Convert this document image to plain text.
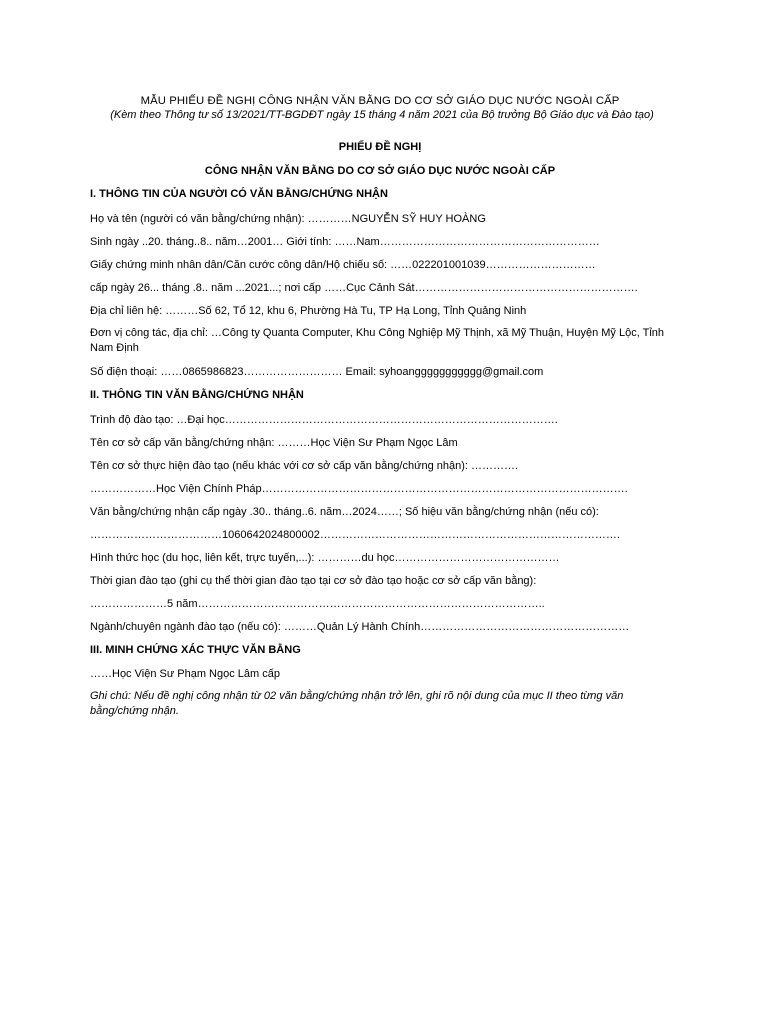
MẪU PHIẾU ĐỀ NGHỊ CÔNG NHẬN VĂN BẰNG DO CƠ SỞ GIÁO DỤC NƯỚC NGOÀI CẤP
(Kèm theo Thông tư số 13/2021/TT-BGDĐT ngày 15 tháng 4 năm 2021 của Bộ trưởng Bộ Giáo dục và Đào tạo)
PHIẾU ĐỀ NGHỊ
CÔNG NHẬN VĂN BẰNG DO CƠ SỞ GIÁO DỤC NƯỚC NGOÀI CẤP
I. THÔNG TIN CỦA NGƯỜI CÓ VĂN BẰNG/CHỨNG NHẬN
Họ và tên (người có văn bằng/chứng nhận): …………NGUYỄN SỸ HUY HOÀNG
Sinh ngày ..20. tháng..8.. năm…2001… Giới tính: ……Nam……………………………………………………
Giấy chứng minh nhân dân/Căn cước công dân/Hộ chiếu số: ……022201001039…………………………
cấp ngày 26... tháng .8.. năm ...2021...; nơi cấp ……Cục Cảnh Sát…………………………………………………….
Địa chỉ liên hệ: ………Số 62, Tổ 12, khu 6, Phường Hà Tu, TP Hạ Long, Tỉnh Quảng Ninh
Đơn vị công tác, địa chỉ: …Công ty Quanta Computer, Khu Công Nghiệp Mỹ Thịnh, xã Mỹ Thuận, Huyện Mỹ Lộc, Tỉnh Nam Định
Số điện thoại: ……0865986823……………………… Email: syhoanggggggggggg@gmail.com
II. THÔNG TIN VĂN BẰNG/CHỨNG NHẬN
Trình độ đào tạo: …Đại học……………………………………………………………………………….
Tên cơ sở cấp văn bằng/chứng nhận: ………Học Viện Sư Phạm Ngọc Lâm
Tên cơ sở thực hiện đào tạo (nếu khác với cơ sở cấp văn bằng/chứng nhận): ………….
………………Học Viện Chính Pháp……………………………………………………………………………………….
Văn bằng/chứng nhận cấp ngày .30.. tháng..6. năm…2024……; Số hiệu văn bằng/chứng nhận (nếu có):
………………………………1060642024800002……………………………………………………………………….
Hình thức học (du học, liên kết, trực tuyến,...): …………du học………………………………………
Thời gian đào tạo (ghi cụ thể thời gian đào tạo tại cơ sở đào tạo hoặc cơ sở cấp văn bằng):
…………………5 năm…………………………………………………………………………………..
Ngành/chuyên ngành đào tạo (nếu có): ………Quản Lý Hành Chính…………………………………………………
III. MINH CHỨNG XÁC THỰC VĂN BẰNG
……Học Viện Sư Phạm Ngọc Lâm cấp
Ghi chú: Nếu đề nghị công nhận từ 02 văn bằng/chứng nhận trở lên, ghi rõ nội dung của mục II theo từng văn bằng/chứng nhận.
